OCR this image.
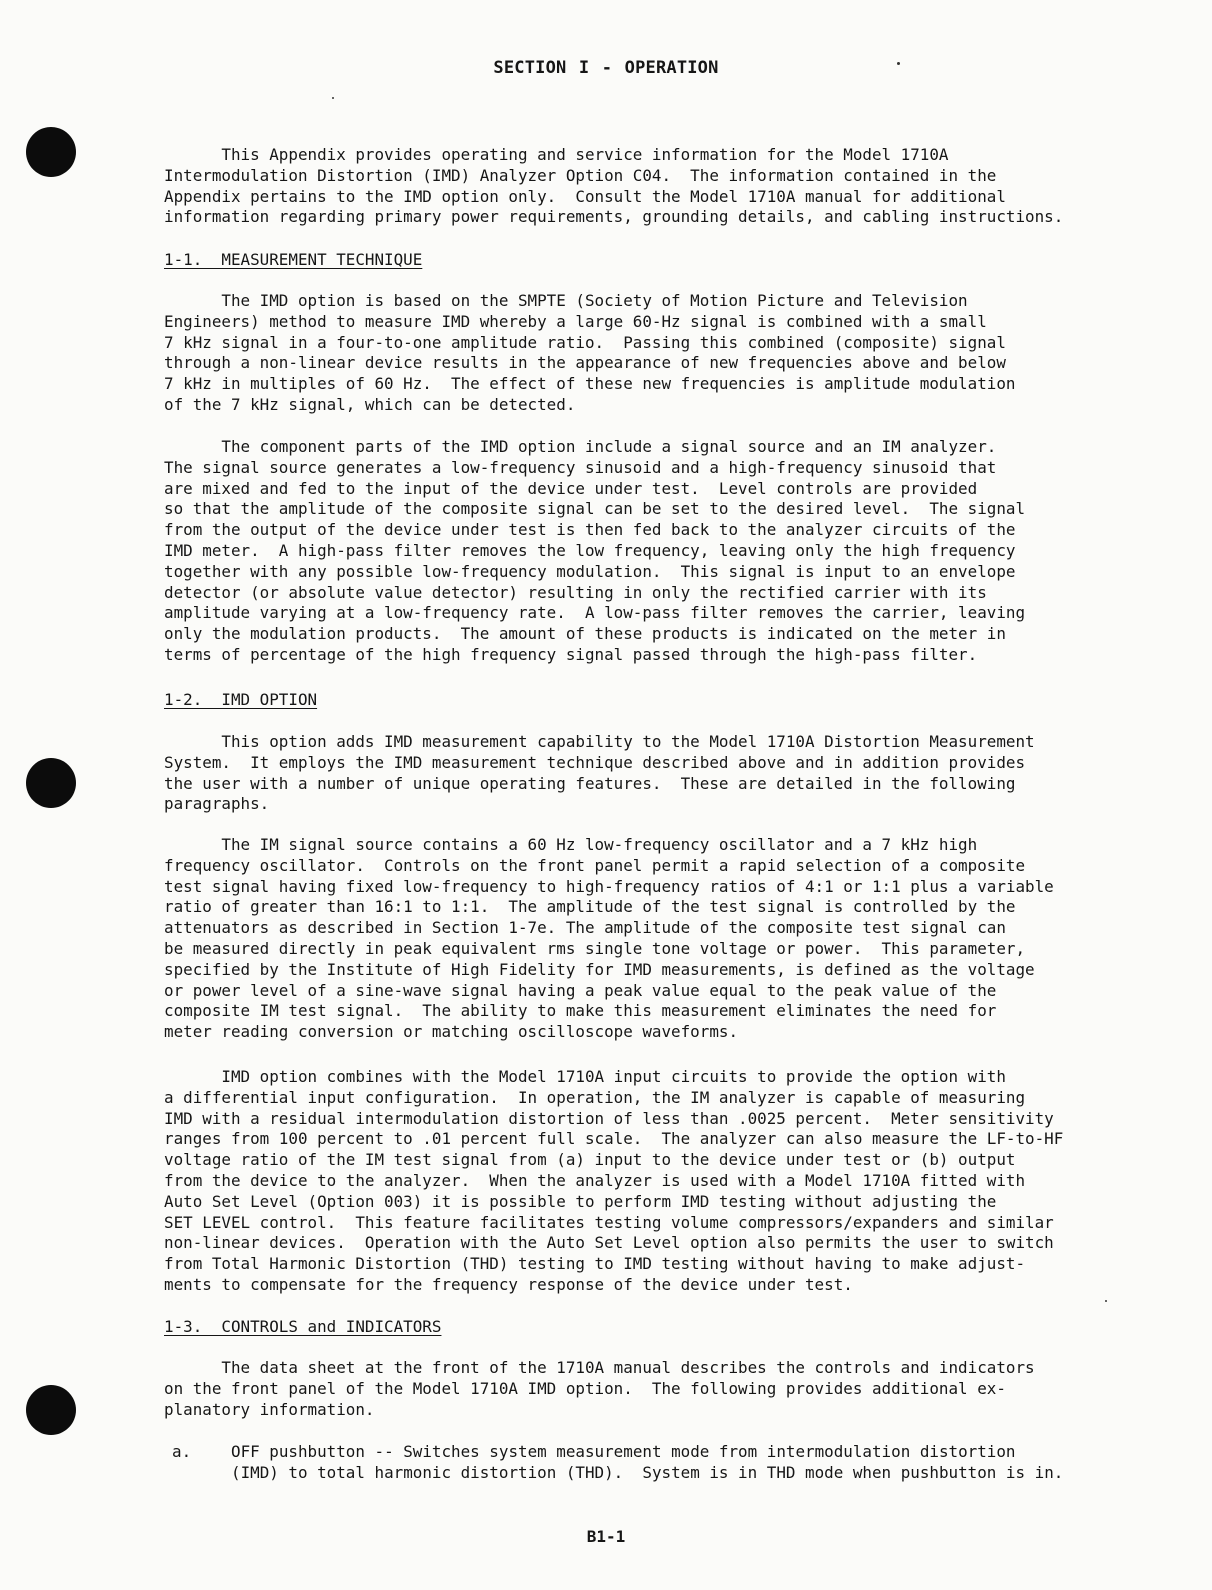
SECTION I - OPERATION
This Appendix provides operating and service information for the Model 1710A
Intermodulation Distortion (IMD) Analyzer Option C04.  The information contained in the
Appendix pertains to the IMD option only.  Consult the Model 1710A manual for additional
information regarding primary power requirements, grounding details, and cabling instructions.
1-1.  MEASUREMENT TECHNIQUE
The IMD option is based on the SMPTE (Society of Motion Picture and Television
Engineers) method to measure IMD whereby a large 60-Hz signal is combined with a small
7 kHz signal in a four-to-one amplitude ratio.  Passing this combined (composite) signal
through a non-linear device results in the appearance of new frequencies above and below
7 kHz in multiples of 60 Hz.  The effect of these new frequencies is amplitude modulation
of the 7 kHz signal, which can be detected.
The component parts of the IMD option include a signal source and an IM analyzer.
The signal source generates a low-frequency sinusoid and a high-frequency sinusoid that
are mixed and fed to the input of the device under test.  Level controls are provided
so that the amplitude of the composite signal can be set to the desired level.  The signal
from the output of the device under test is then fed back to the analyzer circuits of the
IMD meter.  A high-pass filter removes the low frequency, leaving only the high frequency
together with any possible low-frequency modulation.  This signal is input to an envelope
detector (or absolute value detector) resulting in only the rectified carrier with its
amplitude varying at a low-frequency rate.  A low-pass filter removes the carrier, leaving
only the modulation products.  The amount of these products is indicated on the meter in
terms of percentage of the high frequency signal passed through the high-pass filter.
1-2.  IMD OPTION
This option adds IMD measurement capability to the Model 1710A Distortion Measurement
System.  It employs the IMD measurement technique described above and in addition provides
the user with a number of unique operating features.  These are detailed in the following
paragraphs.
The IM signal source contains a 60 Hz low-frequency oscillator and a 7 kHz high
frequency oscillator.  Controls on the front panel permit a rapid selection of a composite
test signal having fixed low-frequency to high-frequency ratios of 4:1 or 1:1 plus a variable
ratio of greater than 16:1 to 1:1.  The amplitude of the test signal is controlled by the
attenuators as described in Section 1-7e. The amplitude of the composite test signal can
be measured directly in peak equivalent rms single tone voltage or power.  This parameter,
specified by the Institute of High Fidelity for IMD measurements, is defined as the voltage
or power level of a sine-wave signal having a peak value equal to the peak value of the
composite IM test signal.  The ability to make this measurement eliminates the need for
meter reading conversion or matching oscilloscope waveforms.
IMD option combines with the Model 1710A input circuits to provide the option with
a differential input configuration.  In operation, the IM analyzer is capable of measuring
IMD with a residual intermodulation distortion of less than .0025 percent.  Meter sensitivity
ranges from 100 percent to .01 percent full scale.  The analyzer can also measure the LF-to-HF
voltage ratio of the IM test signal from (a) input to the device under test or (b) output
from the device to the analyzer.  When the analyzer is used with a Model 1710A fitted with
Auto Set Level (Option 003) it is possible to perform IMD testing without adjusting the
SET LEVEL control.  This feature facilitates testing volume compressors/expanders and similar
non-linear devices.  Operation with the Auto Set Level option also permits the user to switch
from Total Harmonic Distortion (THD) testing to IMD testing without having to make adjust-
ments to compensate for the frequency response of the device under test.
1-3.  CONTROLS and INDICATORS
The data sheet at the front of the 1710A manual describes the controls and indicators
on the front panel of the Model 1710A IMD option.  The following provides additional ex-
planatory information.
a.	OFF pushbutton -- Switches system measurement mode from intermodulation distortion
(IMD) to total harmonic distortion (THD).  System is in THD mode when pushbutton is in.
B1-1
